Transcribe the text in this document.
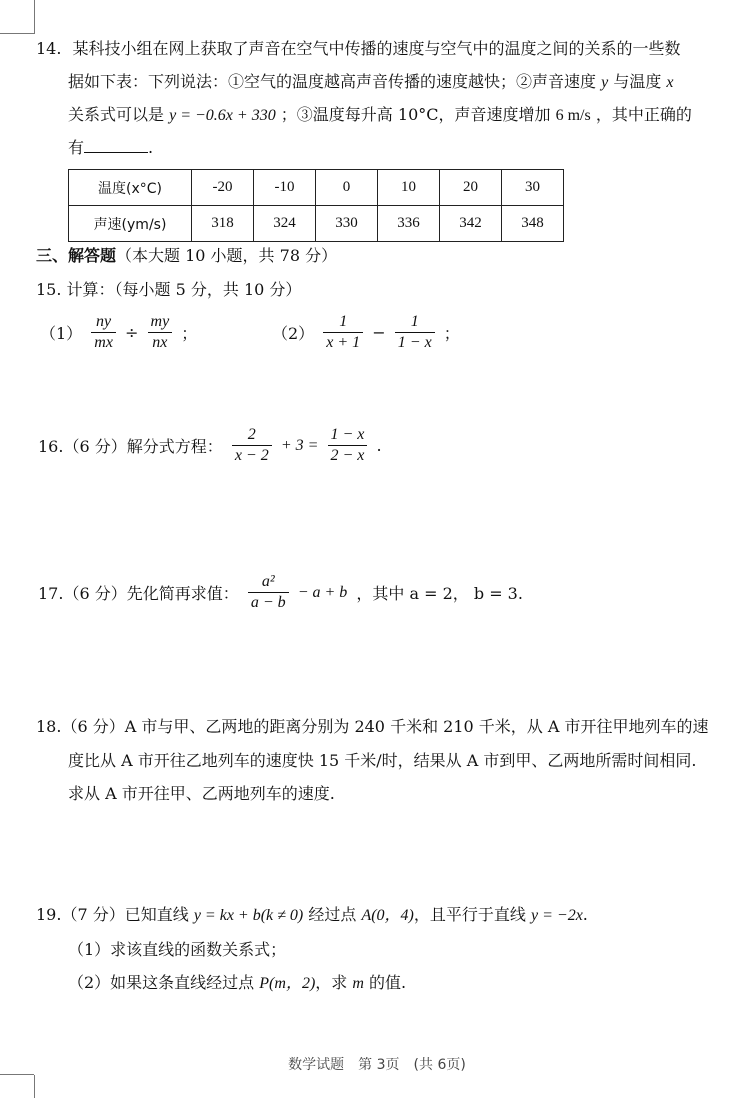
14. 某科技小组在网上获取了声音在空气中传播的速度与空气中的温度之间的关系的一些数
据如下表：下列说法：①空气的温度越高声音传播的速度越快；②声音速度 y 与温度 x
关系式可以是 y = −0.6x + 330 ；③温度每升高 10°C，声音速度增加 6 m/s ，其中正确的
有	.
温度(x°C)	-20	-10	0	10	20	30
声速(ym/s)	318	324	330	336	342	348
三、解答题（本大题 10 小题，共 78 分）
15. 计算：（每小题 5 分，共 10 分）
$(1) \frac{ny}{mx} \div \frac{my}{nx}$ ；	$(2) \frac{1}{x + 1} - \frac{1}{1 - x}$ ；
16.（6 分）解分式方程： $\frac{2}{x - 2} + 3 = \frac{1 - x}{2 - x}$ .
17.（6 分）先化简再求值： $\frac{\text{a²}}{a - b} - a + b$ ，其中 a = 2， b = 3.
18.（6 分）A 市与甲、乙两地的距离分别为 240 千米和 210 千米，从 A 市开往甲地列车的速
度比从 A 市开往乙地列车的速度快 15 千米/时，结果从 A 市到甲、乙两地所需时间相同.
求从 A 市开往甲、乙两地列车的速度.
19.（7 分）已知直线 y = kx + b(k ≠ 0) 经过点 A(0，4)，且平行于直线 y = −2x.
（1）求该直线的函数关系式；
（2）如果这条直线经过点 P(m，2)，求 m 的值.
数学试题　第 3页　(共 6页)
